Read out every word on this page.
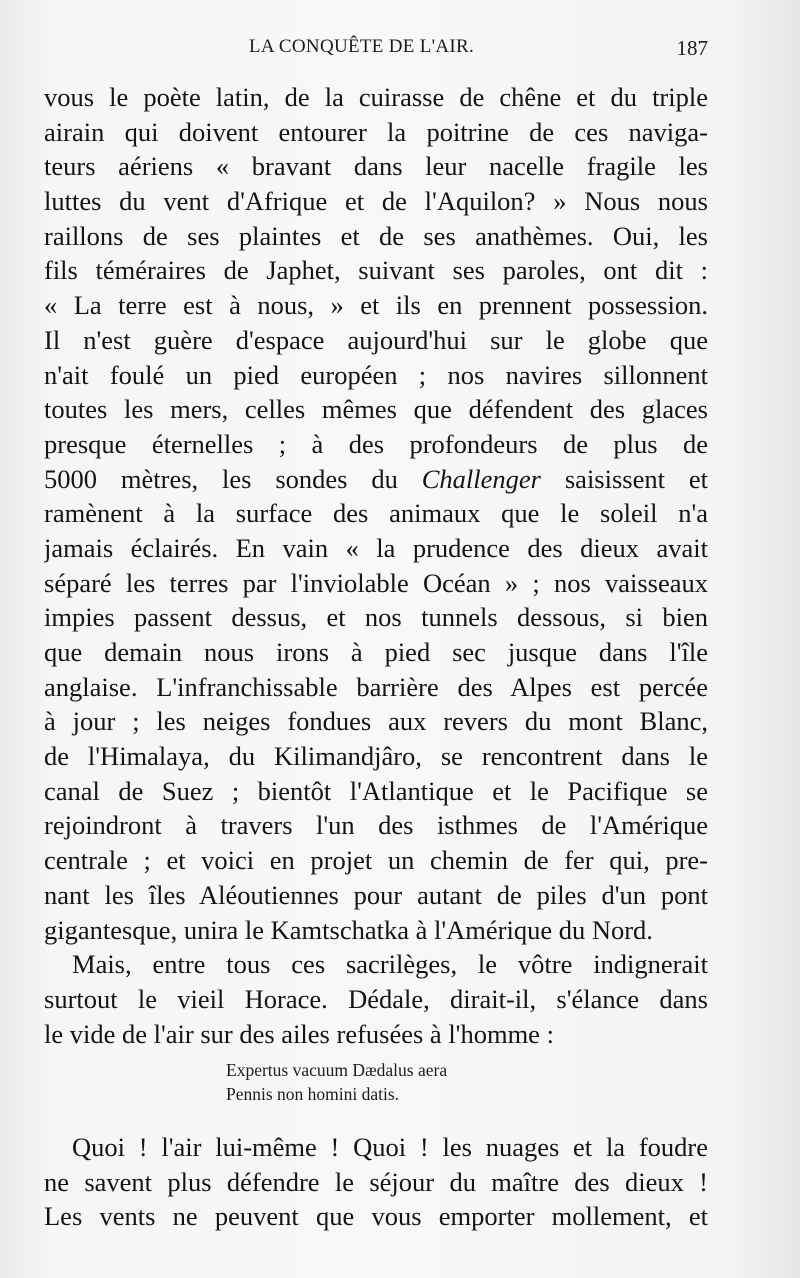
LA CONQUÊTE DE L'AIR.	187
vous le poète latin, de la cuirasse de chêne et du triple
airain qui doivent entourer la poitrine de ces naviga-
teurs aériens « bravant dans leur nacelle fragile les
luttes du vent d'Afrique et de l'Aquilon? » Nous nous
raillons de ses plaintes et de ses anathèmes. Oui, les
fils téméraires de Japhet, suivant ses paroles, ont dit :
« La terre est à nous, » et ils en prennent possession.
Il n'est guère d'espace aujourd'hui sur le globe que
n'ait foulé un pied européen ; nos navires sillonnent
toutes les mers, celles mêmes que défendent des glaces
presque éternelles ; à des profondeurs de plus de
5000 mètres, les sondes du Challenger saisissent et
ramènent à la surface des animaux que le soleil n'a
jamais éclairés. En vain « la prudence des dieux avait
séparé les terres par l'inviolable Océan » ; nos vaisseaux
impies passent dessus, et nos tunnels dessous, si bien
que demain nous irons à pied sec jusque dans l'île
anglaise. L'infranchissable barrière des Alpes est percée
à jour ; les neiges fondues aux revers du mont Blanc,
de l'Himalaya, du Kilimandjâro, se rencontrent dans le
canal de Suez ; bientôt l'Atlantique et le Pacifique se
rejoindront à travers l'un des isthmes de l'Amérique
centrale ; et voici en projet un chemin de fer qui, pre-
nant les îles Aléoutiennes pour autant de piles d'un pont
gigantesque, unira le Kamtschatka à l'Amérique du Nord.
Mais, entre tous ces sacrilèges, le vôtre indignerait
surtout le vieil Horace. Dédale, dirait-il, s'élance dans
le vide de l'air sur des ailes refusées à l'homme :
Expertus vacuum Dædalus aera
Pennis non homini datis.
Quoi ! l'air lui-même ! Quoi ! les nuages et la foudre
ne savent plus défendre le séjour du maître des dieux !
Les vents ne peuvent que vous emporter mollement, et
